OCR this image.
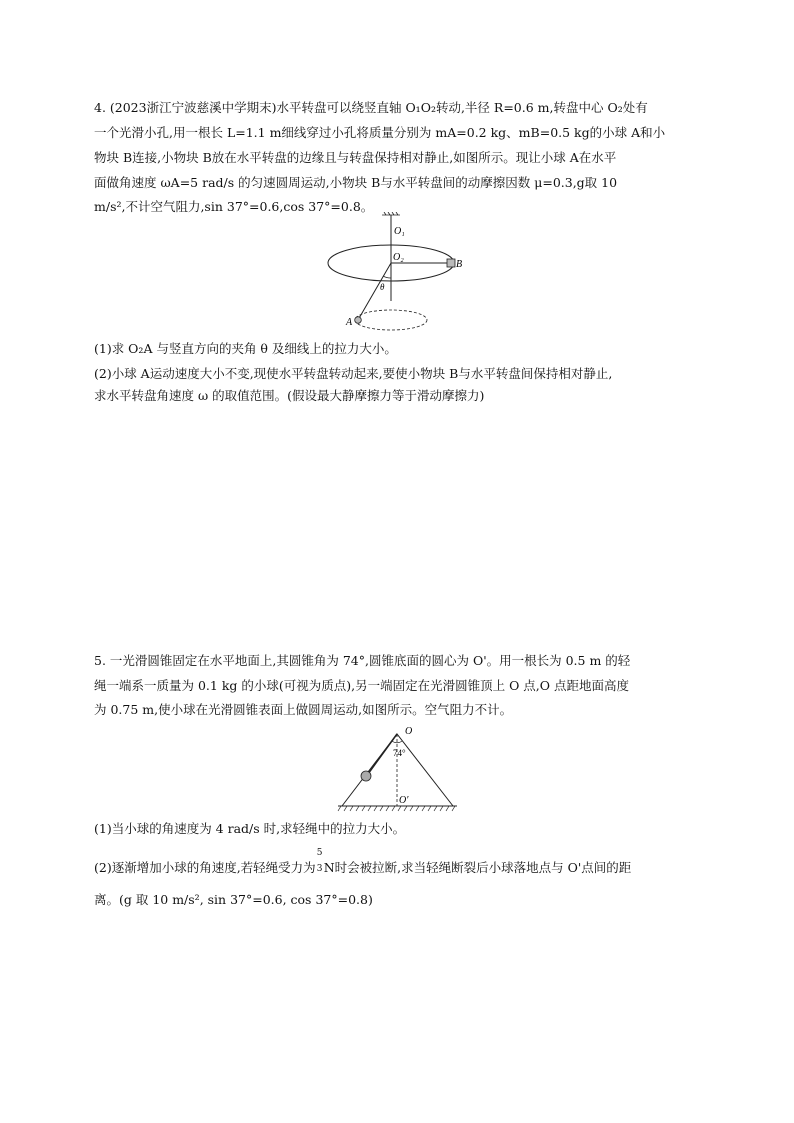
4. (2023浙江宁波慈溪中学期末)水平转盘可以绕竖直轴 O₁O₂转动,半径 R=0.6 m,转盘中心 O₂处有
一个光滑小孔,用一根长 L=1.1 m细线穿过小孔将质量分别为 mA=0.2 kg、mB=0.5 kg的小球 A和小
物块 B连接,小物块 B放在水平转盘的边缘且与转盘保持相对静止,如图所示。现让小球 A在水平
面做角速度 ωA=5 rad/s 的匀速圆周运动,小物块 B与水平转盘间的动摩擦因数 μ=0.3,g取 10
m/s²,不计空气阻力,sin 37°=0.6,cos 37°=0.8。
O₁
O₂
B
θ
A
(1)求 O₂A 与竖直方向的夹角 θ 及细线上的拉力大小。
(2)小球 A运动速度大小不变,现使水平转盘转动起来,要使小物块 B与水平转盘间保持相对静止,
求水平转盘角速度 ω 的取值范围。(假设最大静摩擦力等于滑动摩擦力)
5. 一光滑圆锥固定在水平地面上,其圆锥角为 74°,圆锥底面的圆心为 O'。用一根长为 0.5 m 的轻
绳一端系一质量为 0.1 kg 的小球(可视为质点),另一端固定在光滑圆锥顶上 O 点,O 点距地面高度
为 0.75 m,使小球在光滑圆锥表面上做圆周运动,如图所示。空气阻力不计。
O
74°
O′
(1)当小球的角速度为 4 rad/s 时,求轻绳中的拉力大小。
(2)逐渐增加小球的角速度,若轻绳受力为
5
3 N时会被拉断,求当轻绳断裂后小球落地点与 O'点间的距
离。(g 取 10 m/s², sin 37°=0.6, cos 37°=0.8)
